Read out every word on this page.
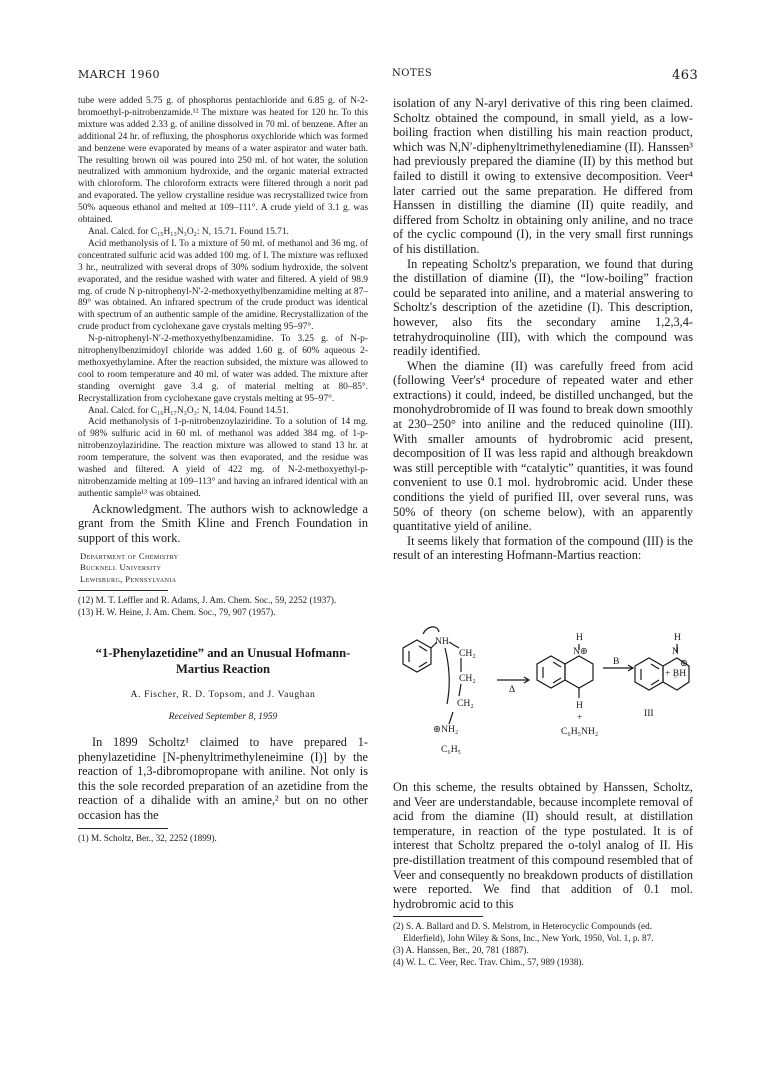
MARCH 1960	NOTES	463

tube were added 5.75 g. of phosphorus pentachloride and 6.85 g. of N-2-bromoethyl-p-nitrobenzamide.¹² The mixture was heated for 120 hr. To this mixture was added 2.33 g. of aniline dissolved in 70 ml. of benzene. After an additional 24 hr. of refluxing, the phosphorus oxychloride which was formed and benzene were evaporated by means of a water aspirator and water bath. The resulting brown oil was poured into 250 ml. of hot water, the solution neutralized with ammonium hydroxide, and the organic material extracted with chloroform. The chloroform extracts were filtered through a norit pad and evaporated. The yellow crystalline residue was recrystallized twice from 50% aqueous ethanol and melted at 109–111°. A crude yield of 3.1 g. was obtained.

Anal. Calcd. for C₁₅H₁₃N₃O₂: N, 15.71. Found 15.71.

Acid methanolysis of I. To a mixture of 50 ml. of methanol and 36 mg. of concentrated sulfuric acid was added 100 mg. of I. The mixture was refluxed 3 hr., neutralized with several drops of 30% sodium hydroxide, the solvent evaporated, and the residue washed with water and filtered. A yield of 98.9 mg. of crude N p-nitrophenyl-N′-2-methoxyethylbenzamidine melting at 87–89° was obtained. An infrared spectrum of the crude product was identical with spectrum of an authentic sample of the amidine. Recrystallization of the crude product from cyclohexane gave crystals melting 95–97°.

N-p-nitrophenyl-N′-2-methoxyethylbenzamidine. To 3.25 g. of N-p-nitrophenylbenzimidoyl chloride was added 1.60 g. of 60% aqueous 2-methoxyethylamine. After the reaction subsided, the mixture was allowed to cool to room temperature and 40 ml. of water was added. The mixture after standing overnight gave 3.4 g. of material melting at 80–85°. Recrystallization from cyclohexane gave crystals melting at 95–97°.

Anal. Calcd. for C₁₆H₁₇N₃O₃: N, 14.04. Found 14.51.

Acid methanolysis of 1-p-nitrobenzoylaziridine. To a solution of 14 mg. of 98% sulfuric acid in 60 ml. of methanol was added 384 mg. of 1-p-nitrobenzoylaziridine. The reaction mixture was allowed to stand 13 hr. at room temperature, the solvent was then evaporated, and the residue was washed and filtered. A yield of 422 mg. of N-2-methoxyethyl-p-nitrobenzamide melting at 109–113° and having an infrared identical with an authentic sample¹³ was obtained.

Acknowledgment. The authors wish to acknowledge a grant from the Smith Kline and French Foundation in support of this work.

Department of Chemistry
Bucknell University
Lewisburg, Pennsylvania

(12) M. T. Leffler and R. Adams, J. Am. Chem. Soc., 59, 2252 (1937).

(13) H. W. Heine, J. Am. Chem. Soc., 79, 907 (1957).

“1-Phenylazetidine” and an Unusual Hofmann-Martius Reaction

A. Fischer, R. D. Topsom, and J. Vaughan

Received September 8, 1959

In 1899 Scholtz¹ claimed to have prepared 1-phenylazetidine [N-phenyltrimethyleneimine (I)] by the reaction of 1,3-dibromopropane with aniline. Not only is this the sole recorded preparation of an azetidine from the reaction of a dihalide with an amine,² but on no other occasion has the

(1) M. Scholtz, Ber., 32, 2252 (1899).

isolation of any N-aryl derivative of this ring been claimed. Scholtz obtained the compound, in small yield, as a low-boiling fraction when distilling his main reaction product, which was N,N′-diphenyltrimethylenediamine (II). Hanssen³ had previously prepared the diamine (II) by this method but failed to distill it owing to extensive decomposition. Veer⁴ later carried out the same preparation. He differed from Hanssen in distilling the diamine (II) quite readily, and differed from Scholtz in obtaining only aniline, and no trace of the cyclic compound (I), in the very small first runnings of his distillation.

In repeating Scholtz's preparation, we found that during the distillation of diamine (II), the “low-boiling” fraction could be separated into aniline, and a material answering to Scholtz's description of the azetidine (I). This description, however, also fits the secondary amine 1,2,3,4-tetrahydroquinoline (III), with which the compound was readily identified.

When the diamine (II) was carefully freed from acid (following Veer's⁴ procedure of repeated water and ether extractions) it could, indeed, be distilled unchanged, but the monohydrobromide of II was found to break down smoothly at 230–250° into aniline and the reduced quinoline (III). With smaller amounts of hydrobromic acid present, decomposition of II was less rapid and although breakdown was still perceptible with “catalytic” quantities, it was found convenient to use 0.1 mol. hydrobromic acid. Under these conditions the yield of purified III, over several runs, was 50% of theory (on scheme below), with an apparently quantitative yield of aniline.

It seems likely that formation of the compound (III) is the result of an interesting Hofmann-Martius reaction:

NH
CH₂
CH₂
CH₂
⊕NH₂
C₆H₅
Δ
H
N⊕
H
+
C₆H₅NH₂
B
H
N
⊕
+ B̤H
III

On this scheme, the results obtained by Hanssen, Scholtz, and Veer are understandable, because incomplete removal of acid from the diamine (II) should result, at distillation temperature, in reaction of the type postulated. It is of interest that Scholtz prepared the o-tolyl analog of II. His pre-distillation treatment of this compound resembled that of Veer and consequently no breakdown products of distillation were reported. We find that addition of 0.1 mol. hydrobromic acid to this

(2) S. A. Ballard and D. S. Melstrom, in Heterocyclic Compounds (ed. Elderfield), John Wiley & Sons, Inc., New York, 1950, Vol. 1, p. 87.

(3) A. Hanssen, Ber., 20, 781 (1887).

(4) W. L. C. Veer, Rec. Trav. Chim., 57, 989 (1938).
